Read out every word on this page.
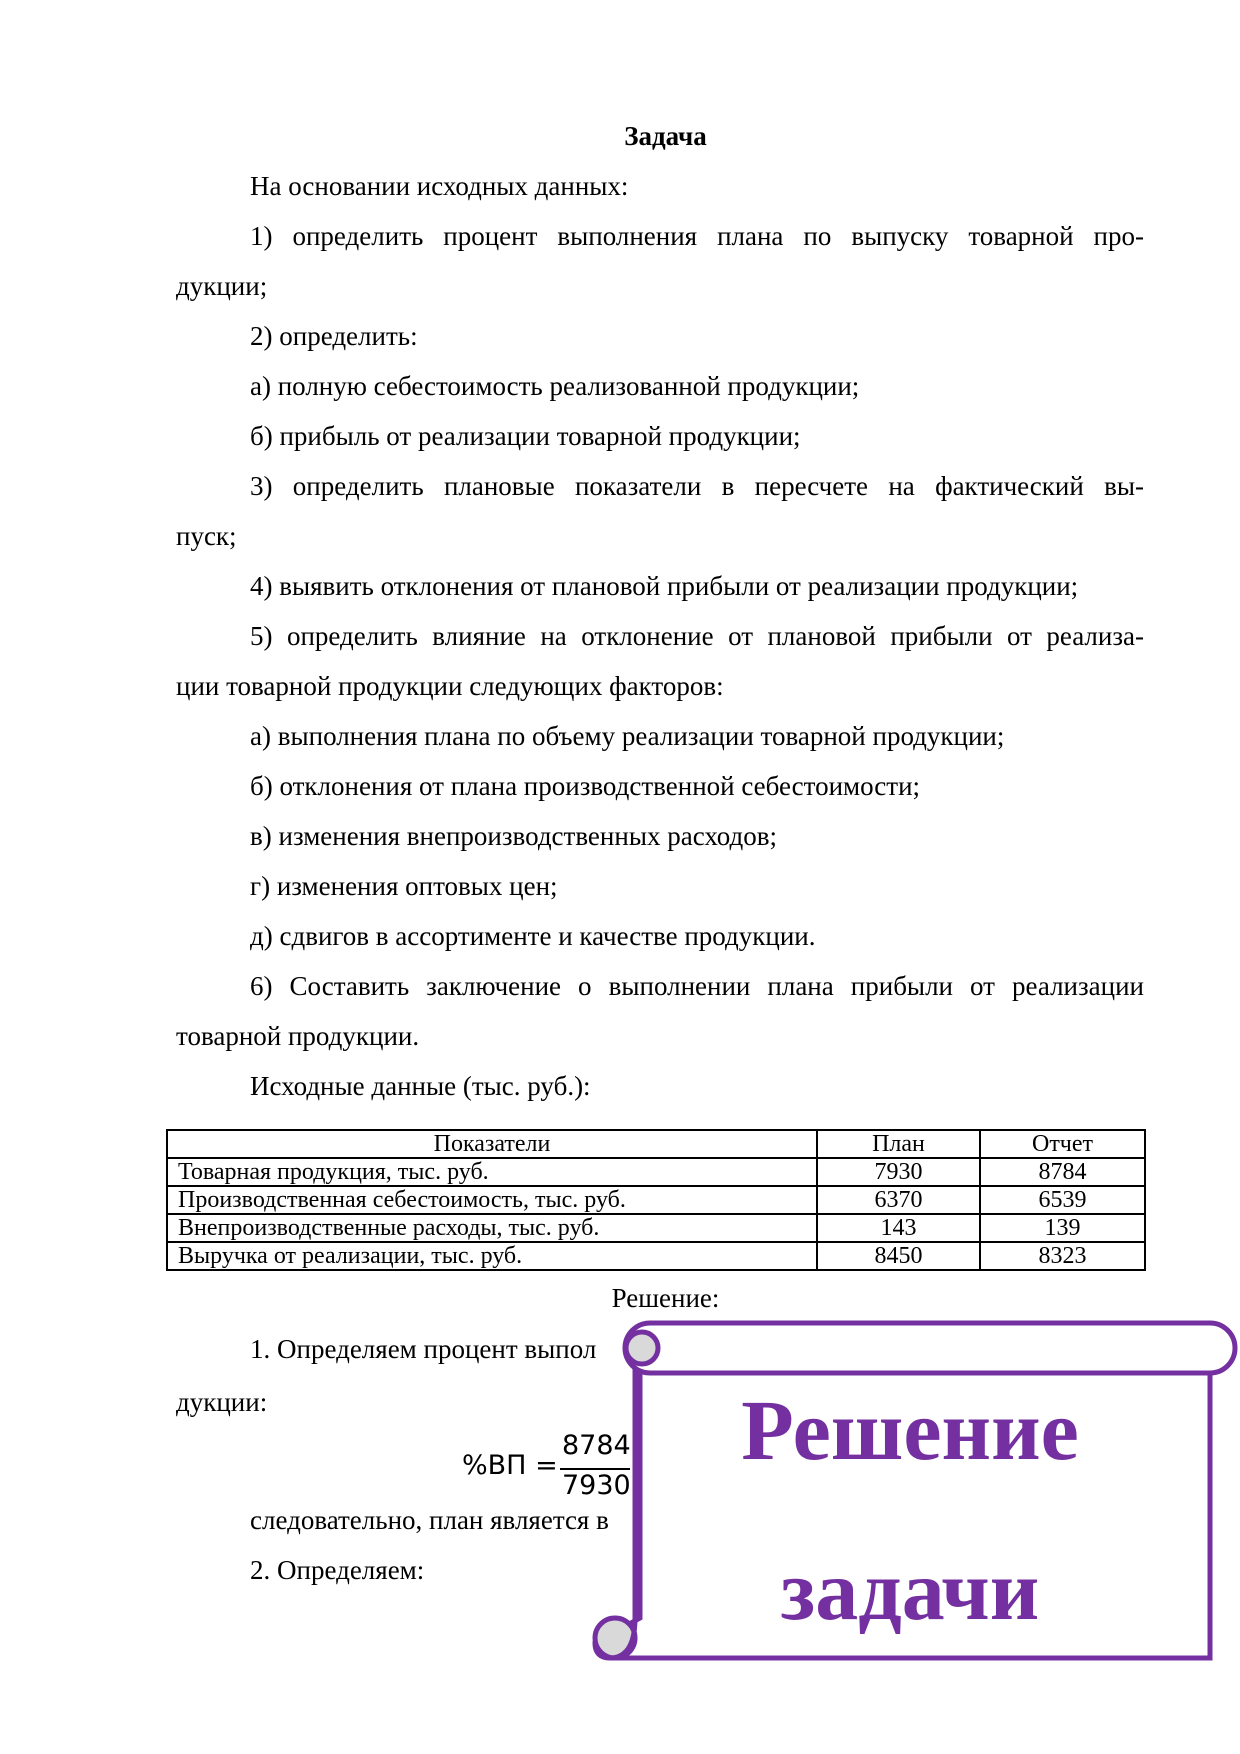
Задача
На основании исходных данных:
1) определить процент выполнения плана по выпуску товарной про-
дукции;
2) определить:
а) полную себестоимость реализованной продукции;
б) прибыль от реализации товарной продукции;
3) определить плановые показатели в пересчете на фактический вы-
пуск;
4) выявить отклонения от плановой прибыли от реализации продукции;
5) определить влияние на отклонение от плановой прибыли от реализа-
ции товарной продукции следующих факторов:
а) выполнения плана по объему реализации товарной продукции;
б) отклонения от плана производственной себестоимости;
в) изменения внепроизводственных расходов;
г) изменения оптовых цен;
д) сдвигов в ассортименте и качестве продукции.
6) Составить заключение о выполнении плана прибыли от реализации
товарной продукции.
Исходные данные (тыс. руб.):
Показатели	План	Отчет
Товарная продукция, тыс. руб.	7930	8784
Производственная себестоимость, тыс. руб.	6370	6539
Внепроизводственные расходы, тыс. руб.	143	139
Выручка от реализации, тыс. руб.	8450	8323
Решение:
1. Определяем процент выпол
дукции:
%ВП =
8784
7930
следовательно, план является в
2. Определяем:
Решение
задачи
